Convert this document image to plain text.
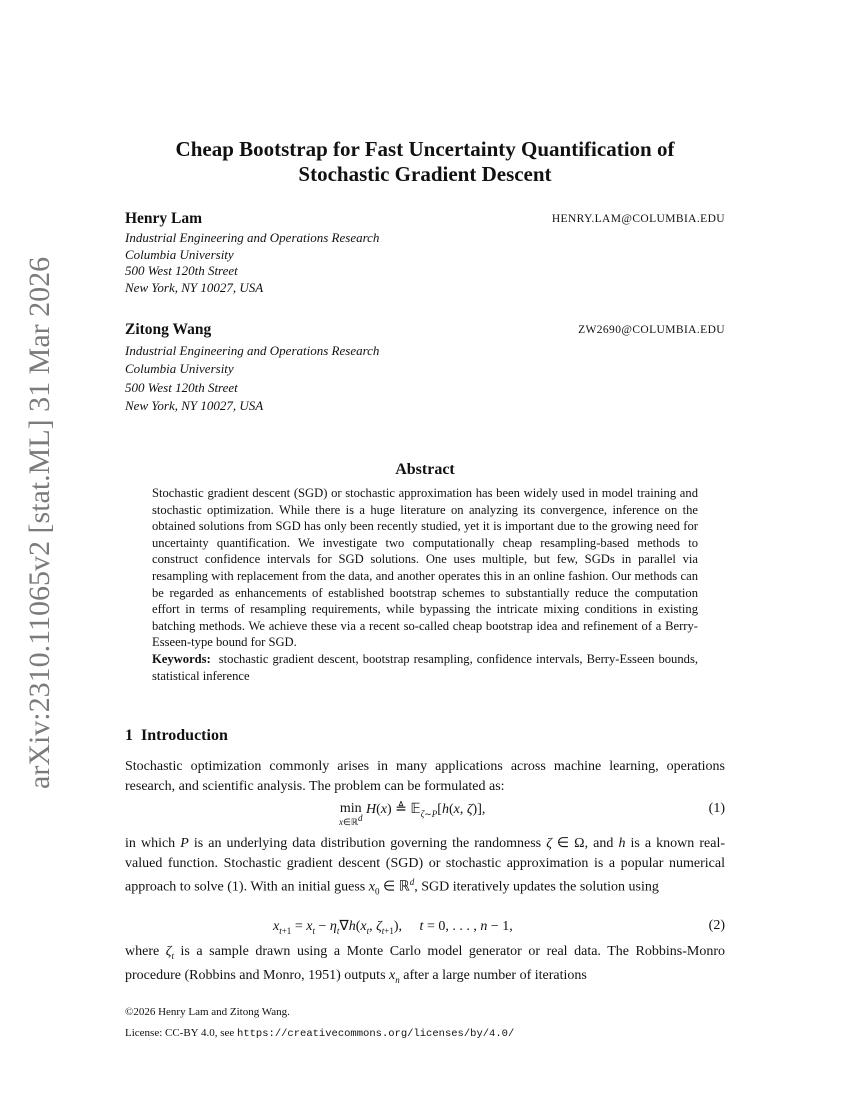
arXiv:2310.11065v2 [stat.ML] 31 Mar 2026
Cheap Bootstrap for Fast Uncertainty Quantification of
Stochastic Gradient Descent
Henry Lam	HENRY.LAM@COLUMBIA.EDU
Industrial Engineering and Operations Research
Columbia University
500 West 120th Street
New York, NY 10027, USA
Zitong Wang	ZW2690@COLUMBIA.EDU
Industrial Engineering and Operations Research
Columbia University
500 West 120th Street
New York, NY 10027, USA
Abstract

Stochastic gradient descent (SGD) or stochastic approximation has been widely used in model training and stochastic optimization. While there is a huge literature on analyzing its convergence, inference on the obtained solutions from SGD has only been recently studied, yet it is important due to the growing need for uncertainty quantification. We investigate two computationally cheap resampling-based methods to construct confidence intervals for SGD solutions. One uses multiple, but few, SGDs in parallel via resampling with replacement from the data, and another operates this in an online fashion. Our methods can be regarded as enhancements of established bootstrap schemes to substantially reduce the computation effort in terms of resampling requirements, while bypassing the intricate mixing conditions in existing batching methods. We achieve these via a recent so-called cheap bootstrap idea and refinement of a Berry-Esseen-type bound for SGD.

Keywords: stochastic gradient descent, bootstrap resampling, confidence intervals, Berry-Esseen bounds, statistical inference

1 Introduction
Stochastic optimization commonly arises in many applications across machine learning, operations research, and scientific analysis. The problem can be formulated as:
min

x∈ℝ$^d$
H(x) ≜ 𝔼$_{\zeta\sim P}$[h(x, ζ)],	(1)
in which P is an underlying data distribution governing the randomness ζ ∈ Ω, and h is a known real-valued function. Stochastic gradient descent (SGD) or stochastic approximation is a popular numerical approach to solve (1). With an initial guess $x_0$ ∈ ℝ$^d$, SGD iteratively updates the solution using
$x_{t+1} = x_t - \eta_t\nabla h(x_t$, $\zeta_{t+1}$),     t = 0, . . . , n − 1,	(2)
where $\zeta_t$ is a sample drawn using a Monte Carlo model generator or real data. The Robbins-Monro procedure (Robbins and Monro, 1951) outputs $x_n$ after a large number of iterations
©2026 Henry Lam and Zitong Wang.
License: CC-BY 4.0, see https://creativecommons.org/licenses/by/4.0/
